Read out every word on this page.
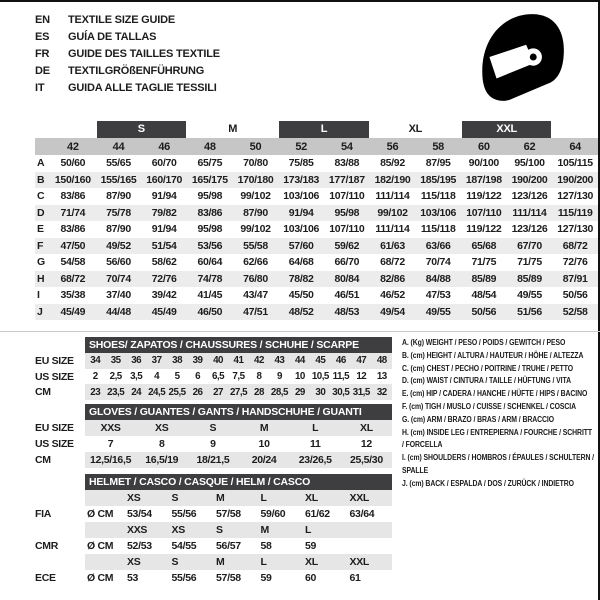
EN	TEXTILE SIZE GUIDE
ES	GUÍA DE TALLAS
FR	GUIDE DES TAILLES TEXTILE
DE	TEXTILGRÖßENFÜHRUNG
IT	GUIDA ALLE TAGLIE TESSILI
S	M	L	XL	XXL
42	44	46	48	50	52	54	56	58	60	62	64
A	50/60	55/65	60/70	65/75	70/80	75/85	83/88	85/92	87/95	90/100	95/100	105/115
B	150/160 155/165 160/170 165/175 170/180 173/183 177/187 182/190 185/195 187/198 190/200 190/200
C	83/86	87/90	91/94	95/98	99/102	103/106 107/110	111/114	115/118	119/122 123/126 127/130
D	71/74	75/78	79/82	83/86	87/90	91/94	95/98	99/102	103/106 107/110	111/114	115/119
E	83/86	87/90	91/94	95/98	99/102	103/106 107/110	111/114	115/118	119/122 123/126 127/130
F	47/50	49/52	51/54	53/56	55/58	57/60	59/62	61/63	63/66	65/68	67/70	68/72
G	54/58	56/60	58/62	60/64	62/66	64/68	66/70	68/72	70/74	71/75	71/75	72/76
H	68/72	70/74	72/76	74/78	76/80	78/82	80/84	82/86	84/88	85/89	85/89	87/91
I	35/38	37/40	39/42	41/45	43/47	45/50	46/51	46/52	47/53	48/54	49/55	50/56
J	45/49	44/48	45/49	46/50	47/51	48/52	48/53	49/54	49/55	50/56	51/56	52/58
SHOES/ ZAPATOS / CHAUSSURES / SCHUHE / SCARPE
EU SIZE	34	35	36	37	38	39	40	41	42	43	44	45	46	47	48
US SIZE	2	2,5 3,5	4	5	6	6,5 7,5	8	9	10 10,5 11,5 12	13
CM	23 23,5 24 24,5 25,5 26	27 27,5 28 28,5 29	30 30,5 31,5 32
GLOVES / GUANTES / GANTS / HANDSCHUHE / GUANTI
EU SIZE	XXS	XS	S	M	L	XL
US SIZE	7	8	9	10	11	12
CM	12,5/16,5	16,5/19	18/21,5	20/24	23/26,5	25,5/30
HELMET / CASCO / CASQUE / HELM / CASCO
XS	S	M	L	XL	XXL
FIA	Ø CM	53/54	55/56	57/58	59/60	61/62	63/64
XXS	XS	S	M	L
CMR	Ø CM	52/53	54/55	56/57	58	59
XS	S	M	L	XL	XXL
ECE	Ø CM	53	55/56	57/58	59	60	61
A. (Kg) WEIGHT / PESO / POIDS / GEWITCH / PESO
B. (cm) HEIGHT / ALTURA / HAUTEUR / HÖHE / ALTEZZA
C. (cm) CHEST / PECHO / POITRINE / TRUHE / PETTO
D. (cm) WAIST / CINTURA / TAILLE / HÜFTUNG / VITA
E. (cm) HIP / CADERA / HANCHE / HÜFTE / HIPS / BACINO
F. (cm) TIGH / MUSLO / CUISSE / SCHENKEL / COSCIA
G. (cm) ARM / BRAZO / BRAS / ARM / BRACCIO
H. (cm) INSIDE LEG / ENTREPIERNA / FOURCHE / SCHRITT / FORCELLA
I. (cm) SHOULDERS / HOMBROS / ÉPAULES / SCHULTERN / SPALLE
J. (cm) BACK / ESPALDA / DOS / ZURÜCK / INDIETRO
